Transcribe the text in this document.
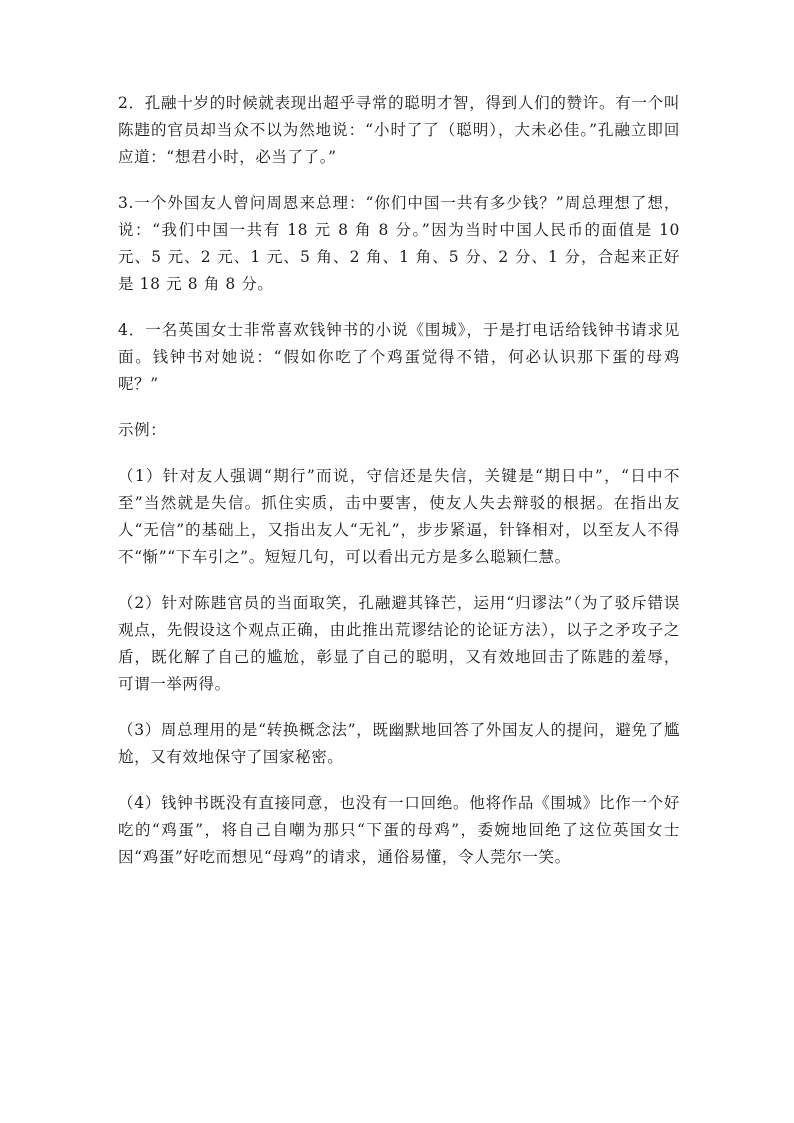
2．孔融十岁的时候就表现出超乎寻常的聪明才智，得到人们的赞许。有一个叫陈韪的官员却当众不以为然地说：“小时了了（聪明），大未必佳。”孔融立即回应道：“想君小时，必当了了。”

3.一个外国友人曾问周恩来总理：“你们中国一共有多少钱？”周总理想了想，说：“我们中国一共有 18 元 8 角 8 分。”因为当时中国人民币的面值是 10 元、5 元、2 元、1 元、5 角、2 角、1 角、5 分、2 分、1 分，合起来正好是 18 元 8 角 8 分。

4．一名英国女士非常喜欢钱钟书的小说《围城》，于是打电话给钱钟书请求见面。钱钟书对她说：“假如你吃了个鸡蛋觉得不错，何必认识那下蛋的母鸡呢？”

示例：

（1）针对友人强调“期行”而说，守信还是失信，关键是“期日中”，“日中不至”当然就是失信。抓住实质，击中要害，使友人失去辩驳的根据。在指出友人“无信”的基础上，又指出友人“无礼”，步步紧逼，针锋相对，以至友人不得不“惭”“下车引之”。短短几句，可以看出元方是多么聪颖仁慧。

（2）针对陈韪官员的当面取笑，孔融避其锋芒，运用“归谬法”（为了驳斥错误观点，先假设这个观点正确，由此推出荒谬结论的论证方法），以子之矛攻子之盾，既化解了自己的尴尬，彰显了自己的聪明，又有效地回击了陈韪的羞辱，可谓一举两得。

（3）周总理用的是“转换概念法”，既幽默地回答了外国友人的提问，避免了尴尬，又有效地保守了国家秘密。

（4）钱钟书既没有直接同意，也没有一口回绝。他将作品《围城》比作一个好吃的“鸡蛋”，将自己自嘲为那只“下蛋的母鸡”，委婉地回绝了这位英国女士因“鸡蛋”好吃而想见“母鸡”的请求，通俗易懂，令人莞尔一笑。
